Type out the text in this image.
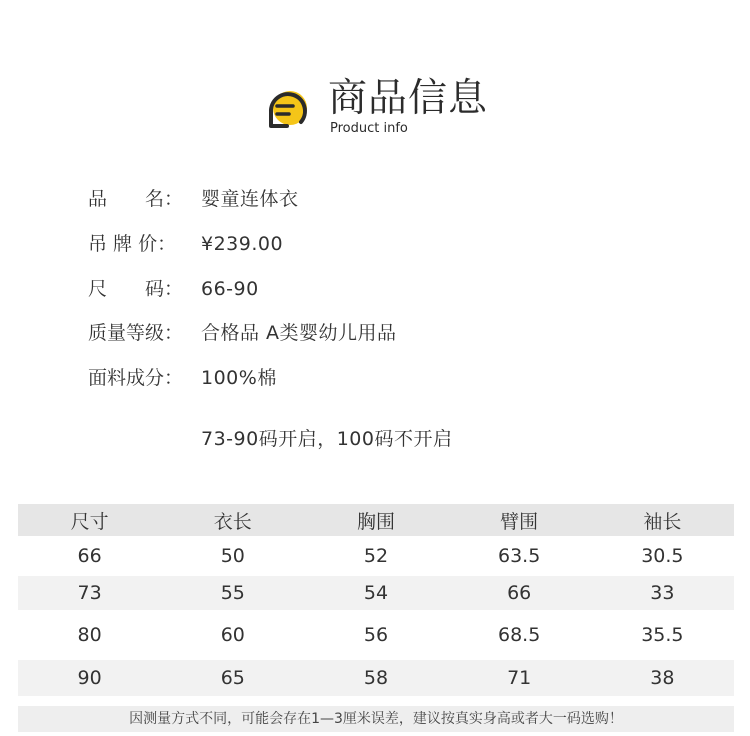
商品信息
Product info
品　　名： 婴童连体衣
吊 牌 价：	¥239.00
尺　　码： 66-90
质量等级： 合格品 A类婴幼儿用品
面料成分： 100%棉
73-90码开启，100码不开启
尺寸	衣长	胸围	臂围	袖长
66	50	52	63.5	30.5
73	55	54	66	33
80	60	56	68.5	35.5
90	65	58	71	38
因测量方式不同，可能会存在1—3厘米误差，建议按真实身高或者大一码选购！
